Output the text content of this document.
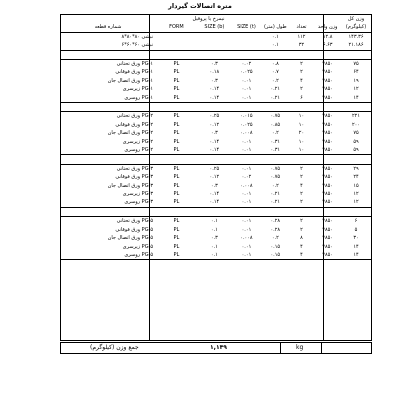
متره اتصالات گیردار
	نیمرخ یا پروفیل						وزن کل
شماره قطعه	FORM	SIZE (b)	SIZE (t)	طول (متر)	تعداد	وزن واحد	(کیلوگرم)
نبشی ۸۰*۸۰*۸				۰.۱	۱۱۲	۱۲.۸	۱۴۳.۳۶
نبشی ۶۰*۶۰*۶				۰.۱	۳۲	۶.۶۳	۲۱.۱۸۶

ورق تحتانی PG-۱	PL	۰.۳	۰.۰۲	۰.۸	۲	۷۸۵۰	۷۵
ورق فوقانی PG-۱	PL	۰.۱۸	۰.۰۲۵	۰.۷	۲	۷۸۵۰	۶۴
ورق اتصال جان PG-۱	PL	۰.۳	۰.۰۱	۰.۲	۴	۷۸۵۰	۱۹
زیرسری PG-۱	PL	۰.۱۴	۰.۰۱	۰.۲۱	۲	۷۸۵۰	۱۲
روسری PG-۱	PL	۰.۱۴	۰.۰۱	۰.۲۱	۶	۷۸۵۰	۱۴

ورق تحتانی PG-۲	PL	۰.۲۵	۰.۰۱۵	۰.۷۵	۱۰	۷۸۵۰	۲۲۱
ورق فوقانی PG-۲	PL	۰.۱۲	۰.۰۲۵	۰.۸۵	۱۰	۷۸۵۰	۲۰۰
ورق اتصال جان PG-۲	PL	۰.۳	۰.۰۰۸	۰.۲	۲۰	۷۸۵۰	۷۵
زیرسری PG-۲	PL	۰.۱۴	۰.۰۱	۰.۳۱	۱۰	۷۸۵۰	۵۹
روسری PG-۲	PL	۰.۱۴	۰.۰۱	۰.۳۱	۱۰	۷۸۵۰	۵۹

ورق تحتانی PG-۳	PL	۰.۲۵	۰.۰۱	۰.۷۵	۲	۷۸۵۰	۲۹
ورق فوقانی PG-۳	PL	۰.۱۲	۰.۰۲	۰.۷۵	۲	۷۸۵۰	۲۴
ورق اتصال جان PG-۳	PL	۰.۳	۰.۰۰۸	۰.۲	۴	۷۸۵۰	۱۵
زیرسری PG-۳	PL	۰.۱۴	۰.۰۱	۰.۲۱	۲	۷۸۵۰	۱۲
روسری PG-۳	PL	۰.۱۴	۰.۰۱	۰.۲۱	۲	۷۸۵۰	۱۲

ورق تحتانی PG-۵	PL	۰.۱	۰.۰۱	۰.۲۸	۲	۷۸۵۰	۶
ورق فوقانی PG-۵	PL	۰.۱	۰.۰۱	۰.۲۸	۲	۷۸۵۰	۵
ورق اتصال جان PG-۵	PL	۰.۳	۰.۰۰۸	۰.۲	۸	۷۸۵۰	۳۰
زیرسری PG-۵	PL	۰.۱	۰.۰۱	۰.۱۵	۴	۷۸۵۰	۱۴
روسری PG-۵	PL	۰.۱	۰.۰۱	۰.۱۵	۴	۷۸۵۰	۱۴

جمع وزن (کیلوگرم)	۱,۱۴۹	kg
